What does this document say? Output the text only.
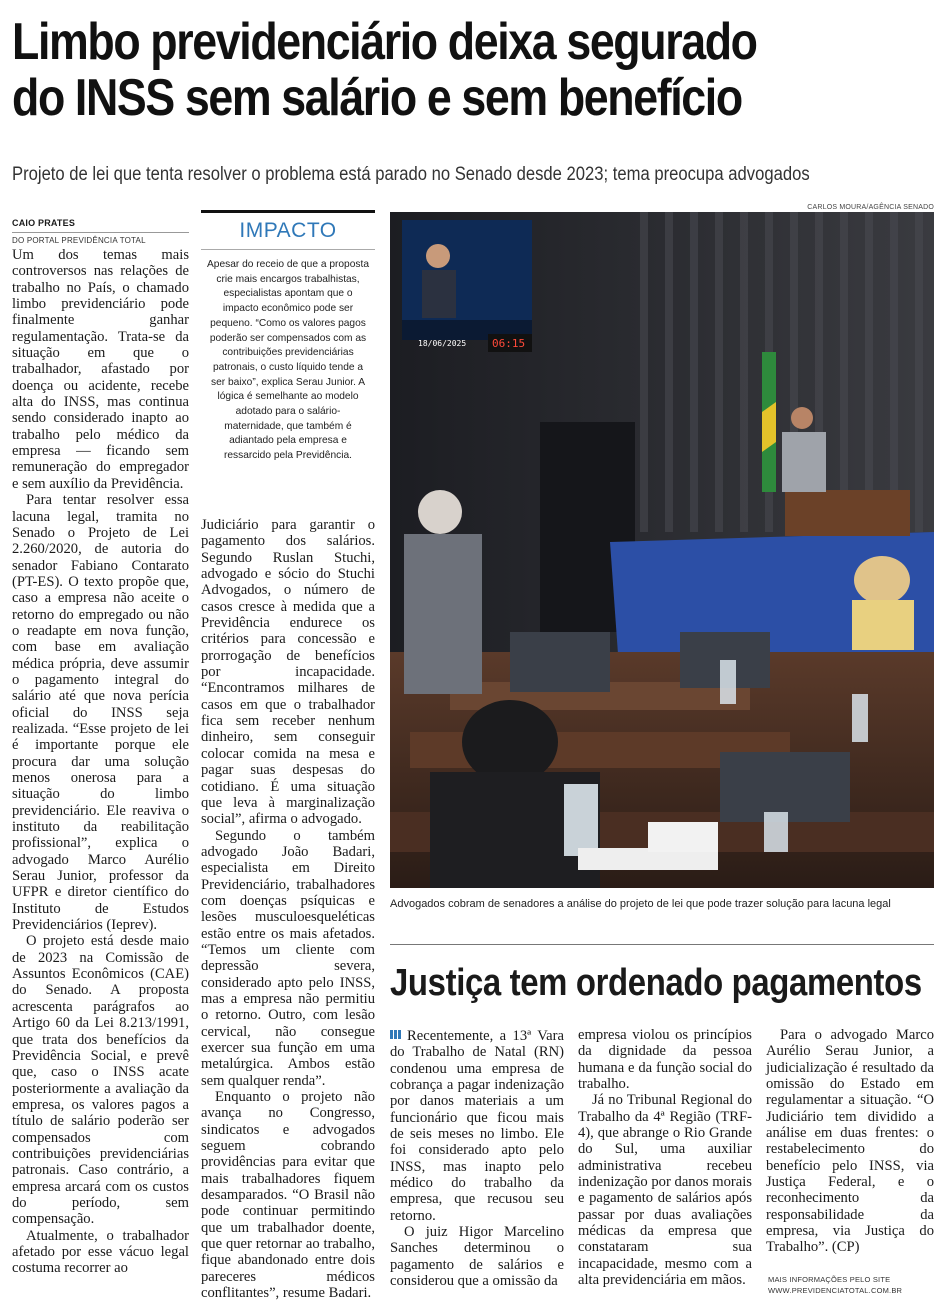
Limbo previdenciário deixa segurado
do INSS sem salário e sem benefício
Projeto de lei que tenta resolver o problema está parado no Senado desde 2023; tema preocupa advogados
CAIO PRATES
DO PORTAL PREVIDÊNCIA TOTAL

Um dos temas mais controversos nas relações de trabalho no País, o chamado limbo previdenciário pode finalmente ganhar regulamentação. Trata-se da situação em que o trabalhador, afastado por doença ou acidente, recebe alta do INSS, mas continua sendo considerado inapto ao trabalho pelo médico da empresa — ficando sem remuneração do empregador e sem auxílio da Previdência.

Para tentar resolver essa lacuna legal, tramita no Senado o Projeto de Lei 2.260/2020, de autoria do senador Fabiano Contarato (PT-ES). O texto propõe que, caso a empresa não aceite o retorno do empregado ou não o readapte em nova função, com base em avaliação médica própria, deve assumir o pagamento integral do salário até que nova perícia oficial do INSS seja realizada. “Esse projeto de lei é importante porque ele procura dar uma solução menos onerosa para a situação do limbo previdenciário. Ele reaviva o instituto da reabilitação profissional”, explica o advogado Marco Aurélio Serau Junior, professor da UFPR e diretor científico do Instituto de Estudos Previdenciários (Ieprev).

O projeto está desde maio de 2023 na Comissão de Assuntos Econômicos (CAE) do Senado. A proposta acrescenta parágrafos ao Artigo 60 da Lei 8.213/1991, que trata dos benefícios da Previdência Social, e prevê que, caso o INSS acate posteriormente a avaliação da empresa, os valores pagos a título de salário poderão ser compensados com contribuições previdenciárias patronais. Caso contrário, a empresa arcará com os custos do período, sem compensação.

Atualmente, o trabalhador afetado por esse vácuo legal costuma recorrer ao

IMPACTO
Apesar do receio de que a proposta crie mais encargos trabalhistas, especialistas apontam que o impacto econômico pode ser pequeno. “Como os valores pagos poderão ser compensados com as contribuições previdenciárias patronais, o custo líquido tende a ser baixo”, explica Serau Junior. A lógica é semelhante ao modelo adotado para o salário-maternidade, que também é adiantado pela empresa e ressarcido pela Previdência.

Judiciário para garantir o pagamento dos salários. Segundo Ruslan Stuchi, advogado e sócio do Stuchi Advogados, o número de casos cresce à medida que a Previdência endurece os critérios para concessão e prorrogação de benefícios por incapacidade. “Encontramos milhares de casos em que o trabalhador fica sem receber nenhum dinheiro, sem conseguir colocar comida na mesa e pagar suas despesas do cotidiano. É uma situação que leva à marginalização social”, afirma o advogado.

Segundo o também advogado João Badari, especialista em Direito Previdenciário, trabalhadores com doenças psíquicas e lesões musculoesqueléticas estão entre os mais afetados. “Temos um cliente com depressão severa, considerado apto pelo INSS, mas a empresa não permitiu o retorno. Outro, com lesão cervical, não consegue exercer sua função em uma metalúrgica. Ambos estão sem qualquer renda”.

Enquanto o projeto não avança no Congresso, sindicatos e advogados seguem cobrando providências para evitar que mais trabalhadores fiquem desamparados. “O Brasil não pode continuar permitindo que um trabalhador doente, que quer retornar ao trabalho, fique abandonado entre dois pareceres médicos conflitantes”, resume Badari.

CARLOS MOURA/AGÊNCIA SENADO
18/06/2025 06:15
Advogados cobram de senadores a análise do projeto de lei que pode trazer solução para lacuna legal
Justiça tem ordenado pagamentos

Recentemente, a 13ª Vara do Trabalho de Natal (RN) condenou uma empresa de cobrança a pagar indenização por danos materiais a um funcionário que ficou mais de seis meses no limbo. Ele foi considerado apto pelo INSS, mas inapto pelo médico do trabalho da empresa, que recusou seu retorno.

O juiz Higor Marcelino Sanches determinou o pagamento de salários e considerou que a omissão da

empresa violou os princípios da dignidade da pessoa humana e da função social do trabalho.

Já no Tribunal Regional do Trabalho da 4ª Região (TRF-4), que abrange o Rio Grande do Sul, uma auxiliar administrativa recebeu indenização por danos morais e pagamento de salários após passar por duas avaliações médicas da empresa que constataram sua incapacidade, mesmo com a alta previdenciária em mãos.

Para o advogado Marco Aurélio Serau Junior, a judicialização é resultado da omissão do Estado em regulamentar a situação. “O Judiciário tem dividido a análise em duas frentes: o restabelecimento do benefício pelo INSS, via Justiça Federal, e o reconhecimento da responsabilidade da empresa, via Justiça do Trabalho”. (CP)

MAIS INFORMAÇÕES PELO SITE
WWW.PREVIDENCIATOTAL.COM.BR
